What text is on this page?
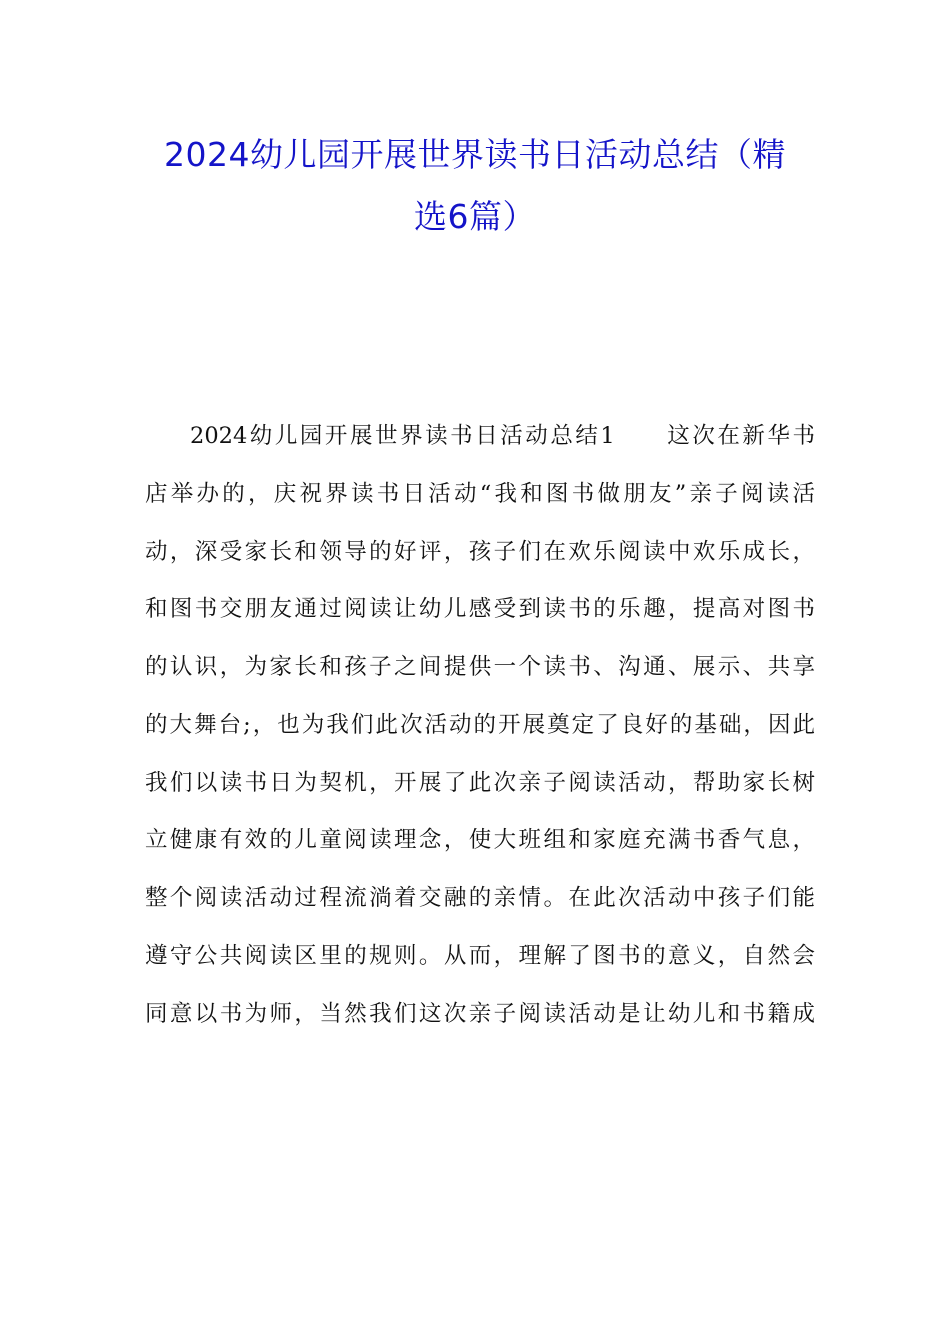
2024幼儿园开展世界读书日活动总结（精
选6篇）
2024幼儿园开展世界读书日活动总结1 这次在新华书
店举办的，庆祝界读书日活动“我和图书做朋友”亲子阅读活
动，深受家长和领导的好评，孩子们在欢乐阅读中欢乐成长，
和图书交朋友通过阅读让幼儿感受到读书的乐趣，提高对图书
的认识，为家长和孩子之间提供一个读书、沟通、展示、共享
的大舞台;，也为我们此次活动的开展奠定了良好的基础，因此
我们以读书日为契机，开展了此次亲子阅读活动，帮助家长树
立健康有效的儿童阅读理念，使大班组和家庭充满书香气息，
整个阅读活动过程流淌着交融的亲情。在此次活动中孩子们能
遵守公共阅读区里的规则。从而，理解了图书的意义，自然会
同意以书为师，当然我们这次亲子阅读活动是让幼儿和书籍成
